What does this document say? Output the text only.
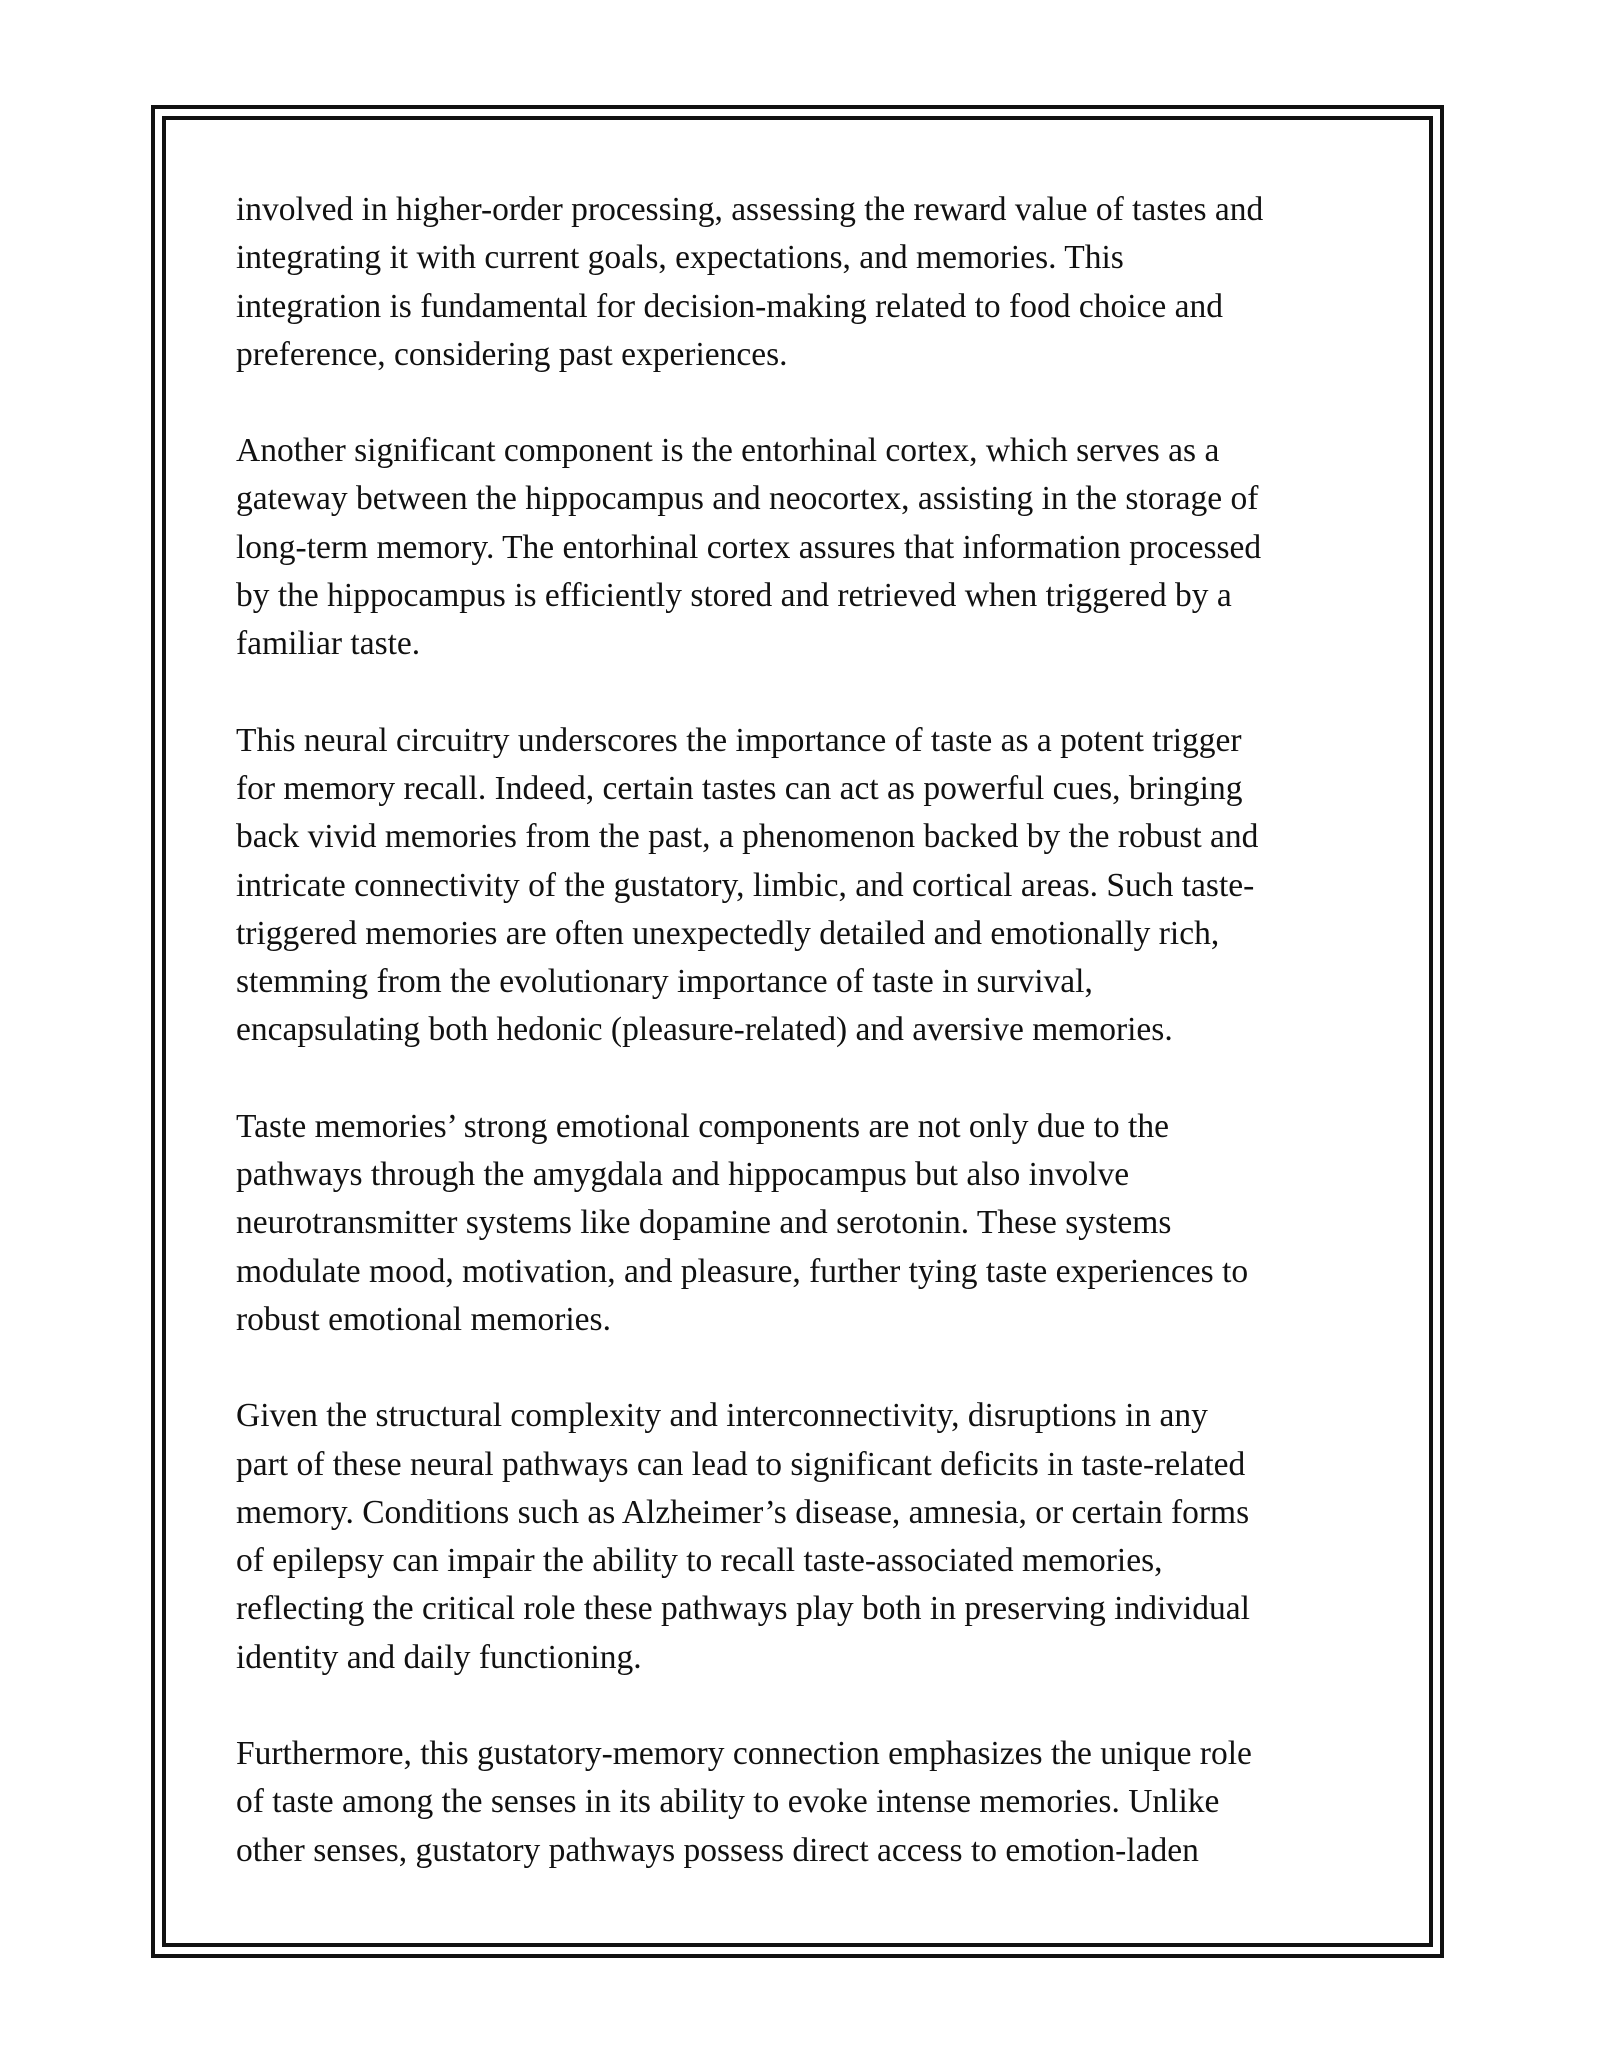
involved in higher-order processing, assessing the reward value of tastes and
integrating it with current goals, expectations, and memories. This
integration is fundamental for decision-making related to food choice and
preference, considering past experiences.

Another significant component is the entorhinal cortex, which serves as a
gateway between the hippocampus and neocortex, assisting in the storage of
long-term memory. The entorhinal cortex assures that information processed
by the hippocampus is efficiently stored and retrieved when triggered by a
familiar taste.

This neural circuitry underscores the importance of taste as a potent trigger
for memory recall. Indeed, certain tastes can act as powerful cues, bringing
back vivid memories from the past, a phenomenon backed by the robust and
intricate connectivity of the gustatory, limbic, and cortical areas. Such taste-
triggered memories are often unexpectedly detailed and emotionally rich,
stemming from the evolutionary importance of taste in survival,
encapsulating both hedonic (pleasure-related) and aversive memories.

Taste memories’ strong emotional components are not only due to the
pathways through the amygdala and hippocampus but also involve
neurotransmitter systems like dopamine and serotonin. These systems
modulate mood, motivation, and pleasure, further tying taste experiences to
robust emotional memories.

Given the structural complexity and interconnectivity, disruptions in any
part of these neural pathways can lead to significant deficits in taste-related
memory. Conditions such as Alzheimer’s disease, amnesia, or certain forms
of epilepsy can impair the ability to recall taste-associated memories,
reflecting the critical role these pathways play both in preserving individual
identity and daily functioning.

Furthermore, this gustatory-memory connection emphasizes the unique role
of taste among the senses in its ability to evoke intense memories. Unlike
other senses, gustatory pathways possess direct access to emotion-laden
